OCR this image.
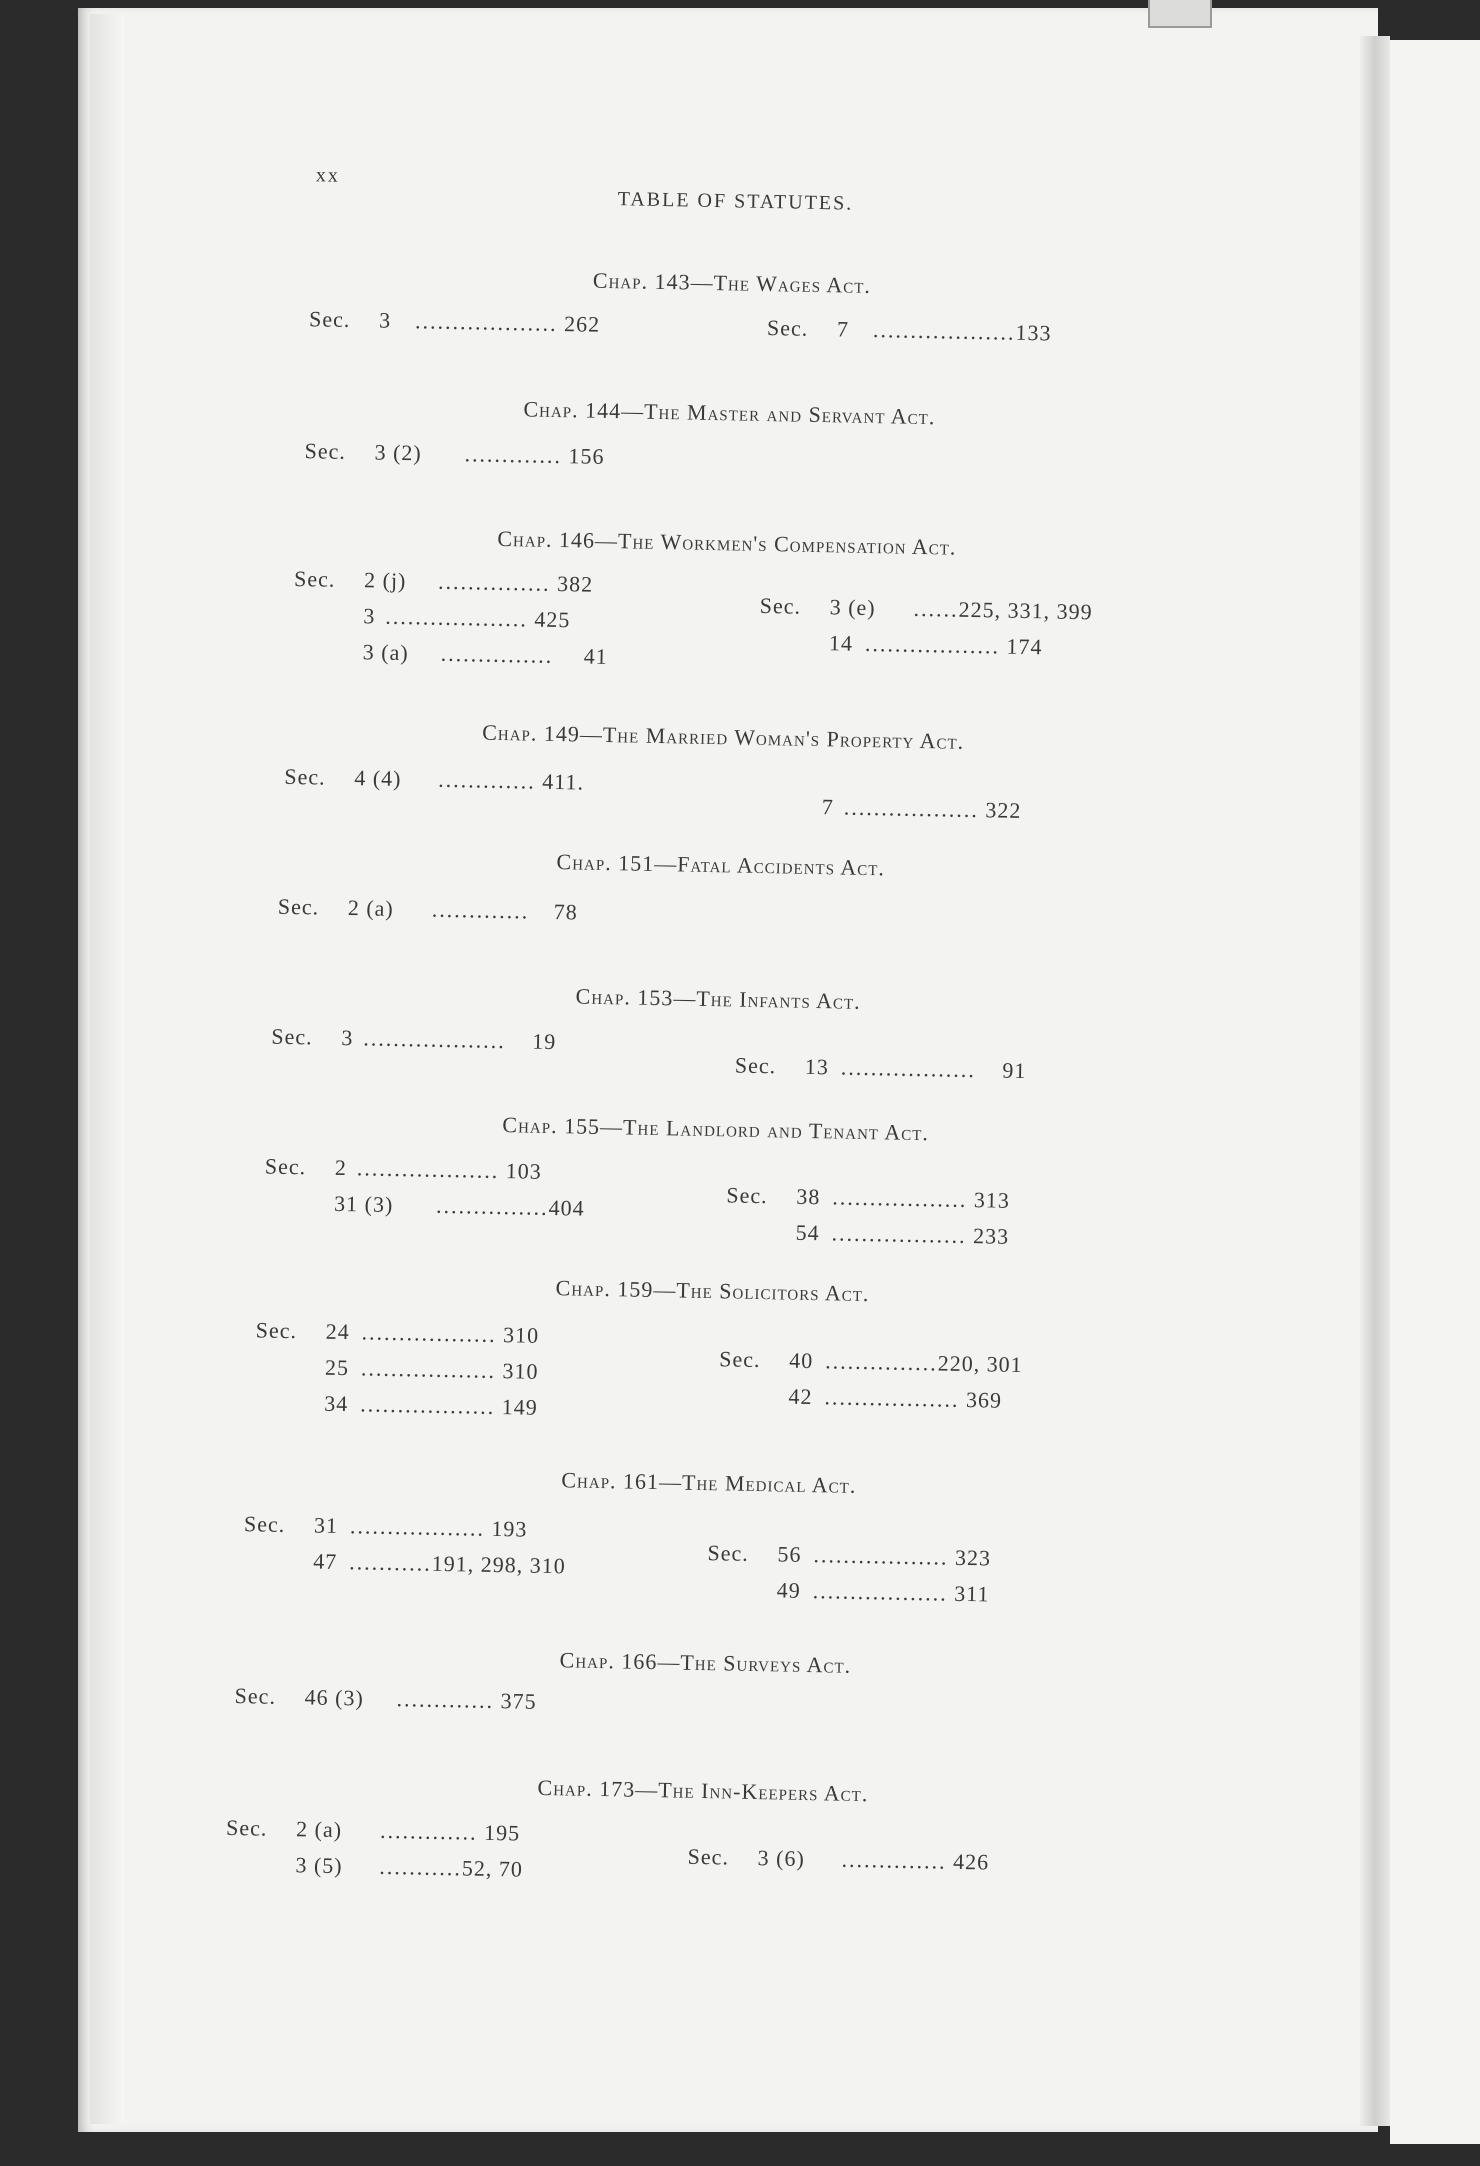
xx
TABLE OF STATUTES.
Chap. 143—The Wages Act.
Sec. 3 ................... 262	Sec. 7 ...................133
Chap. 144—The Master and Servant Act.
Sec. 3 (2) ............. 156
Chap. 146—The Workmen's Compensation Act.
Sec. 2 (j) ............... 382
3 ................... 425
3 (a) ............... 41
Sec. 3 (e) ......225, 331, 399
14 .................. 174
Chap. 149—The Married Woman's Property Act.
Sec. 4 (4) ............. 411.
7 .................. 322
Chap. 151—Fatal Accidents Act.
Sec. 2 (a) ............. 78
Chap. 153—The Infants Act.
Sec. 3 ................... 19
Sec. 13 .................. 91
Chap. 155—The Landlord and Tenant Act.
Sec. 2 ................... 103
31 (3) ...............404	Sec. 38 .................. 313
54 .................. 233
Chap. 159—The Solicitors Act.
Sec. 24 .................. 310
25 .................. 310
34 .................. 149
Sec. 40 ...............220, 301
42 .................. 369
Chap. 161—The Medical Act.
Sec. 31 .................. 193
47 ...........191, 298, 310	Sec. 56 .................. 323
49 .................. 311
Chap. 166—The Surveys Act.
Sec. 46 (3) ............. 375
Chap. 173—The Inn-Keepers Act.
Sec. 2 (a) ............. 195
3 (5) ...........52, 70	Sec. 3 (6) .............. 426
